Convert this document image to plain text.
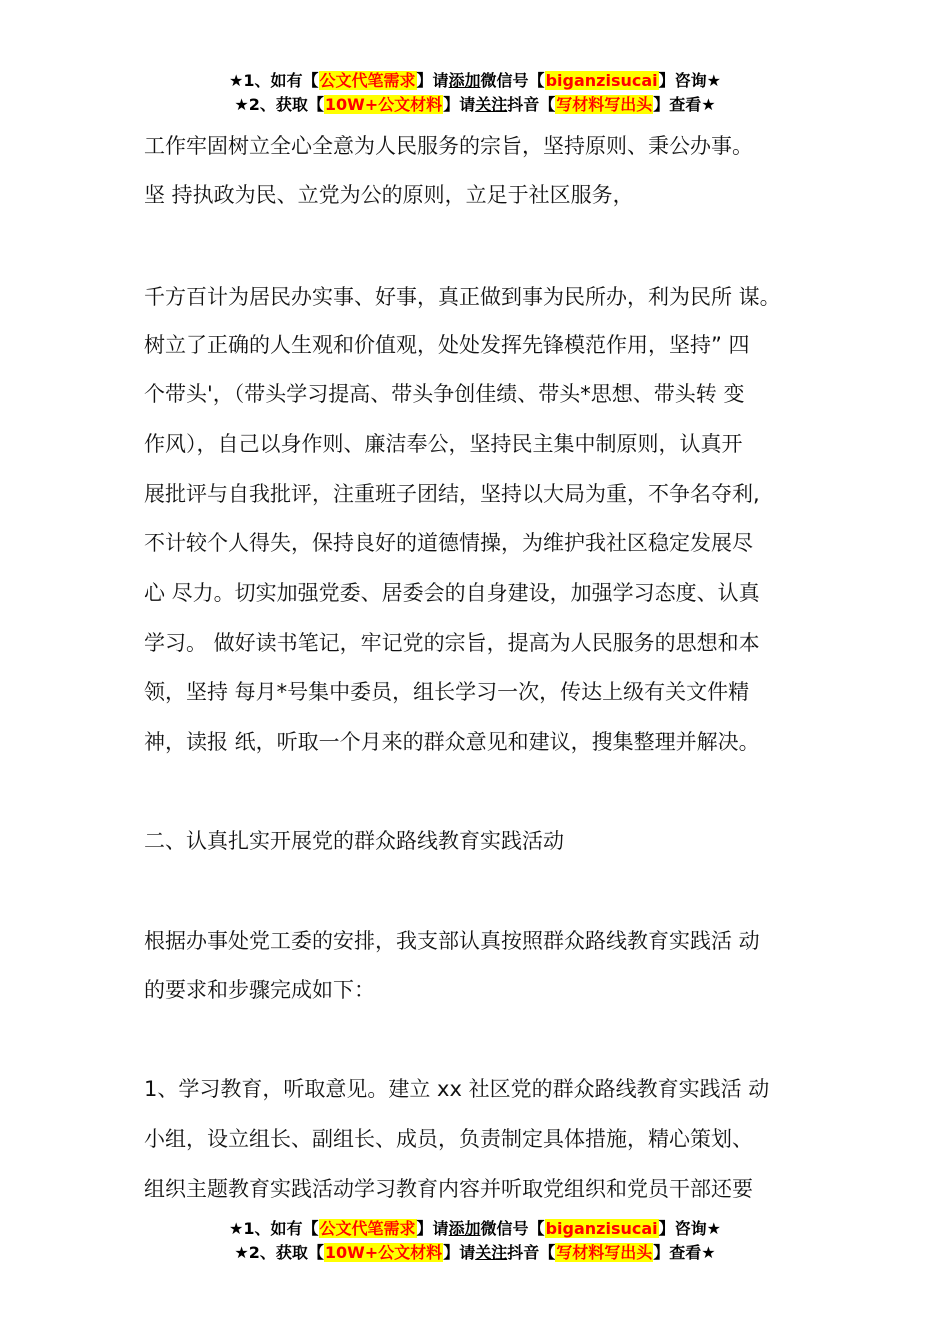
★1、如有【公文代笔需求】请添加微信号【biganzisucai】咨询★
★2、获取【10W+公文材料】请关注抖音【写材料写出头】查看★
工作牢固树立全心全意为人民服务的宗旨，坚持原则、秉公办事。
坚 持执政为民、立党为公的原则，立足于社区服务，
千方百计为居民办实事、好事，真正做到事为民所办，利为民所 谋。
树立了正确的人生观和价值观，处处发挥先锋模范作用，坚持” 四
个带头'，（带头学习提高、带头争创佳绩、带头*思想、带头转 变
作风），自己以身作则、廉洁奉公，坚持民主集中制原则，认真开
展批评与自我批评，注重班子团结，坚持以大局为重，不争名夺利,
不计较个人得失，保持良好的道德情操，为维护我社区稳定发展尽
心 尽力。切实加强党委、居委会的自身建设，加强学习态度、认真
学习。 做好读书笔记，牢记党的宗旨，提高为人民服务的思想和本
领，坚持 每月*号集中委员，组长学习一次，传达上级有关文件精
神，读报 纸，听取一个月来的群众意见和建议，搜集整理并解决。
二、认真扎实开展党的群众路线教育实践活动
根据办事处党工委的安排，我支部认真按照群众路线教育实践活 动
的要求和步骤完成如下：
1、学习教育，听取意见。建立 xx 社区党的群众路线教育实践活 动
小组，设立组长、副组长、成员，负责制定具体措施，精心策划、
组织主题教育实践活动学习教育内容并听取党组织和党员干部还要
★1、如有【公文代笔需求】请添加微信号【biganzisucai】咨询★
★2、获取【10W+公文材料】请关注抖音【写材料写出头】查看★
